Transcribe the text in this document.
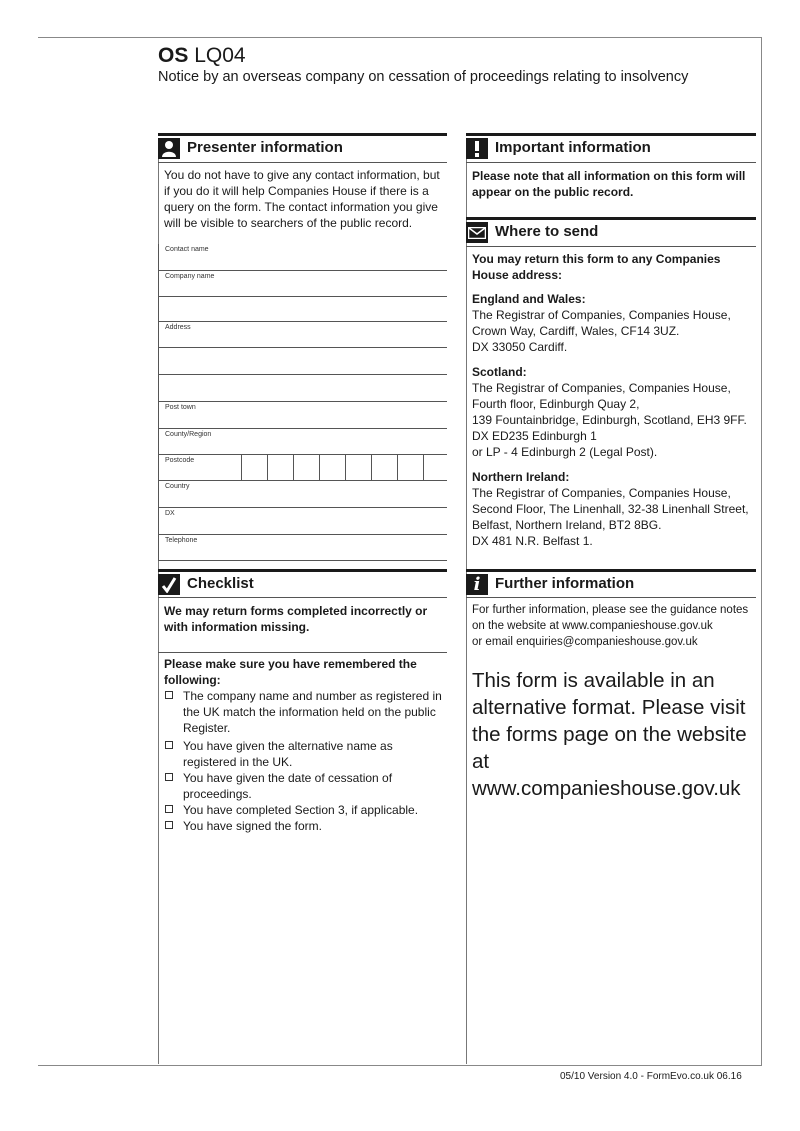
OS LQ04
Notice by an overseas company on cessation of proceedings relating to insolvency
Presenter information
You do not have to give any contact information, but if you do it will help Companies House if there is a query on the form. The contact information you give will be visible to searchers of the public record.
Contact name
Company name
Address
Post town
County/Region
Postcode
Country
DX
Telephone
Checklist
We may return forms completed incorrectly or with information missing.
Please make sure you have remembered the following:
The company name and number as registered in the UK match the information held on the public Register.
You have given the alternative name as registered in the UK.
You have given the date of cessation of proceedings.
You have completed Section 3, if applicable.
You have signed the form.
Important information
Please note that all information on this form will appear on the public record.
Where to send
You may return this form to any Companies House address:
England and Wales:
The Registrar of Companies, Companies House,
Crown Way, Cardiff, Wales, CF14 3UZ.
DX 33050 Cardiff.
Scotland:
The Registrar of Companies, Companies House,
Fourth floor, Edinburgh Quay 2,
139 Fountainbridge, Edinburgh, Scotland, EH3 9FF.
DX ED235 Edinburgh 1
or LP - 4 Edinburgh 2 (Legal Post).
Northern Ireland:
The Registrar of Companies, Companies House,
Second Floor, The Linenhall, 32-38 Linenhall Street,
Belfast, Northern Ireland, BT2 8BG.
DX 481 N.R. Belfast 1.
i Further information
For further information, please see the guidance notes
on the website at www.companieshouse.gov.uk
or email enquiries@companieshouse.gov.uk
This form is available in an alternative format. Please visit the forms page on the website at www.companieshouse.gov.uk
05/10 Version 4.0 - FormEvo.co.uk 06.16
